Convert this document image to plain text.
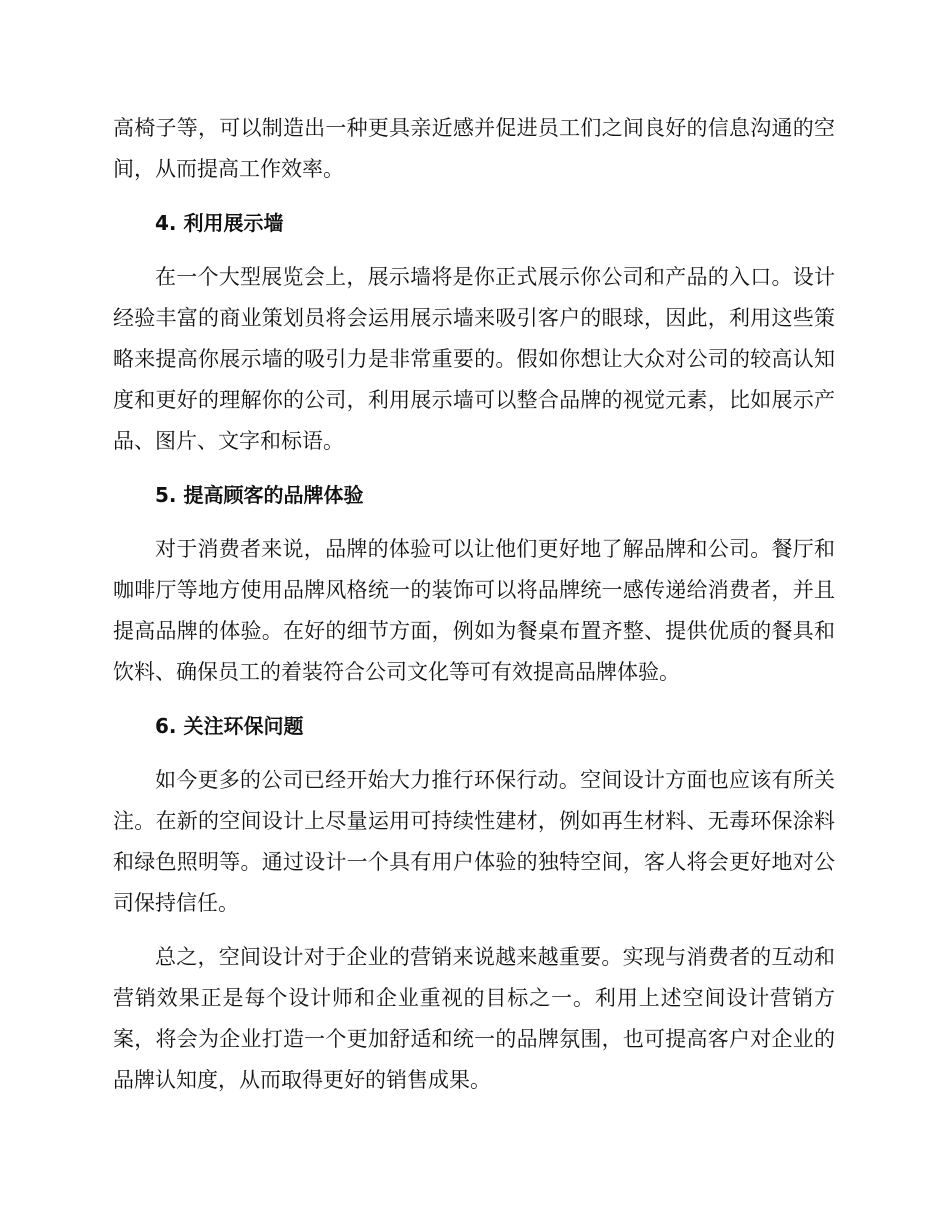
高椅子等，可以制造出一种更具亲近感并促进员工们之间良好的信息沟通的空间，从而提高工作效率。

4. 利用展示墙

在一个大型展览会上，展示墙将是你正式展示你公司和产品的入口。设计经验丰富的商业策划员将会运用展示墙来吸引客户的眼球，因此，利用这些策略来提高你展示墙的吸引力是非常重要的。假如你想让大众对公司的较高认知度和更好的理解你的公司，利用展示墙可以整合品牌的视觉元素，比如展示产品、图片、文字和标语。

5. 提高顾客的品牌体验

对于消费者来说，品牌的体验可以让他们更好地了解品牌和公司。餐厅和咖啡厅等地方使用品牌风格统一的装饰可以将品牌统一感传递给消费者，并且提高品牌的体验。在好的细节方面，例如为餐桌布置齐整、提供优质的餐具和饮料、确保员工的着装符合公司文化等可有效提高品牌体验。

6. 关注环保问题

如今更多的公司已经开始大力推行环保行动。空间设计方面也应该有所关注。在新的空间设计上尽量运用可持续性建材，例如再生材料、无毒环保涂料和绿色照明等。通过设计一个具有用户体验的独特空间，客人将会更好地对公司保持信任。

总之，空间设计对于企业的营销来说越来越重要。实现与消费者的互动和营销效果正是每个设计师和企业重视的目标之一。利用上述空间设计营销方案，将会为企业打造一个更加舒适和统一的品牌氛围，也可提高客户对企业的品牌认知度，从而取得更好的销售成果。
